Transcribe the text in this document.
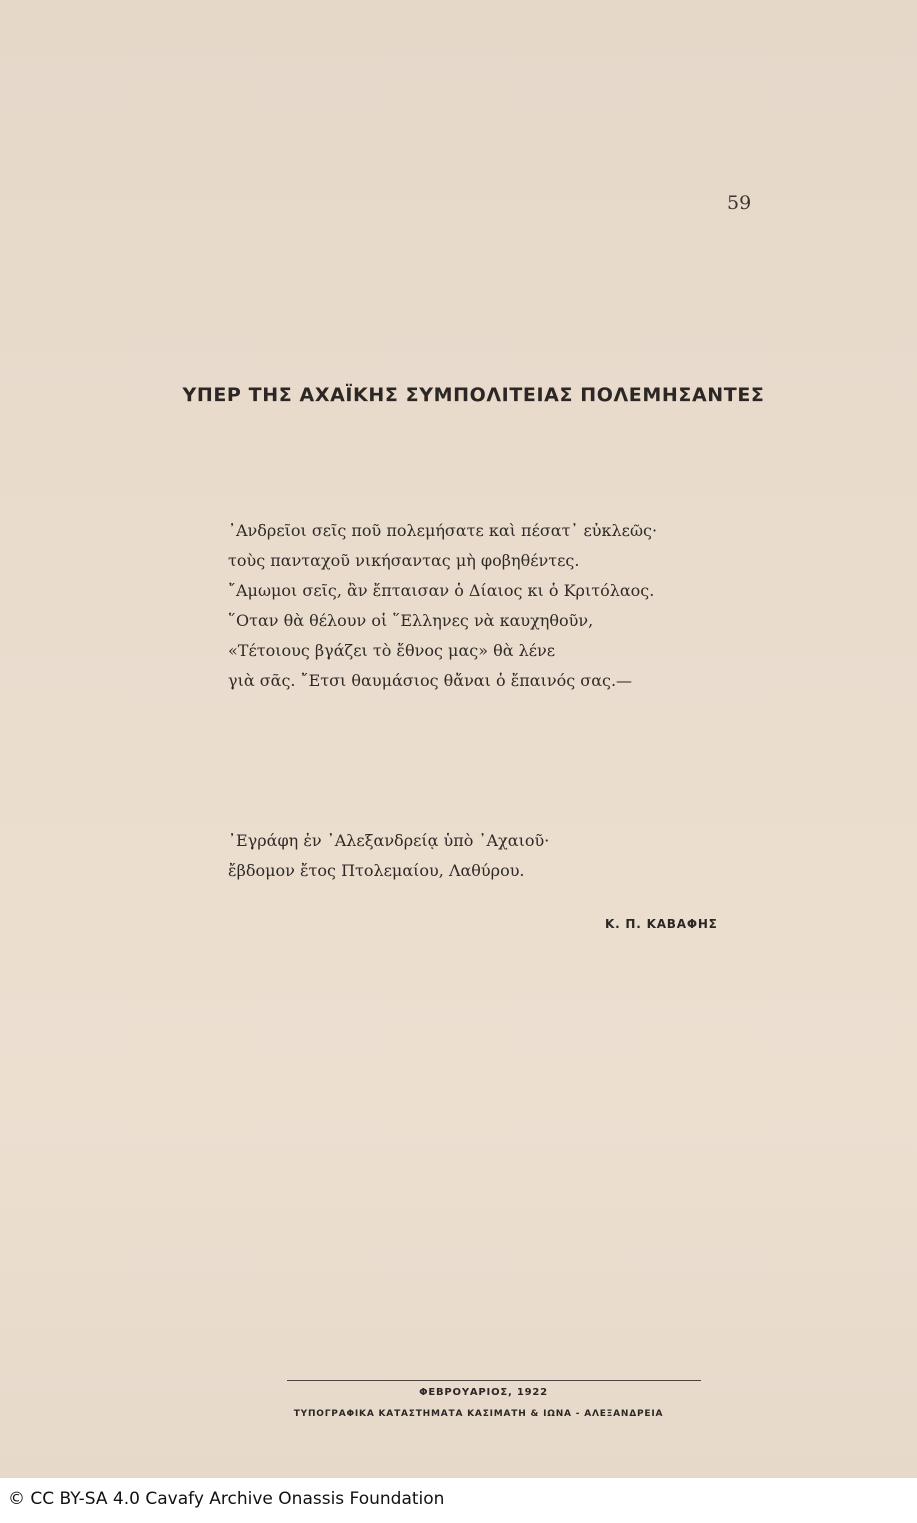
59
ΥΠΕΡ ΤΗΣ ΑΧΑΪΚΗΣ ΣΥΜΠΟΛΙΤΕΙΑΣ ΠΟΛΕΜΗΣΑΝΤΕΣ
᾿Ανδρεῖοι σεῖς ποῦ πολεμήσατε καὶ πέσατ᾿ εὐκλεῶς·
τοὺς πανταχοῦ νικήσαντας μὴ φοβηθέντες.
῎Αμωμοι σεῖς, ἂν ἔπταισαν ὁ Δίαιος κι ὁ Κριτόλαος.
῞Οταν θὰ θέλουν οἱ ῞Ελληνες νὰ καυχηθοῦν,
«Τέτοιους βγάζει τὸ ἔθνος μας» θὰ λένε
γιὰ σᾶς. ῎Ετσι θαυμάσιος θἄναι ὁ ἔπαινός σας.—
᾿Εγράφη ἐν ᾿Αλεξανδρείᾳ ὑπὸ ᾿Αχαιοῦ·
ἔβδομον ἔτος Πτολεμαίου, Λαθύρου.
Κ. Π. ΚΑΒΑΦΗΣ
ΦΕΒΡΟΥΑΡΙΟΣ, 1922
ΤΥΠΟΓΡΑΦΙΚΑ ΚΑΤΑΣΤΗΜΑΤΑ ΚΑΣΙΜΑΤΗ & ΙΩΝΑ - ΑΛΕΞΑΝΔΡΕΙΑ
© CC BY-SA 4.0 Cavafy Archive Onassis Foundation
